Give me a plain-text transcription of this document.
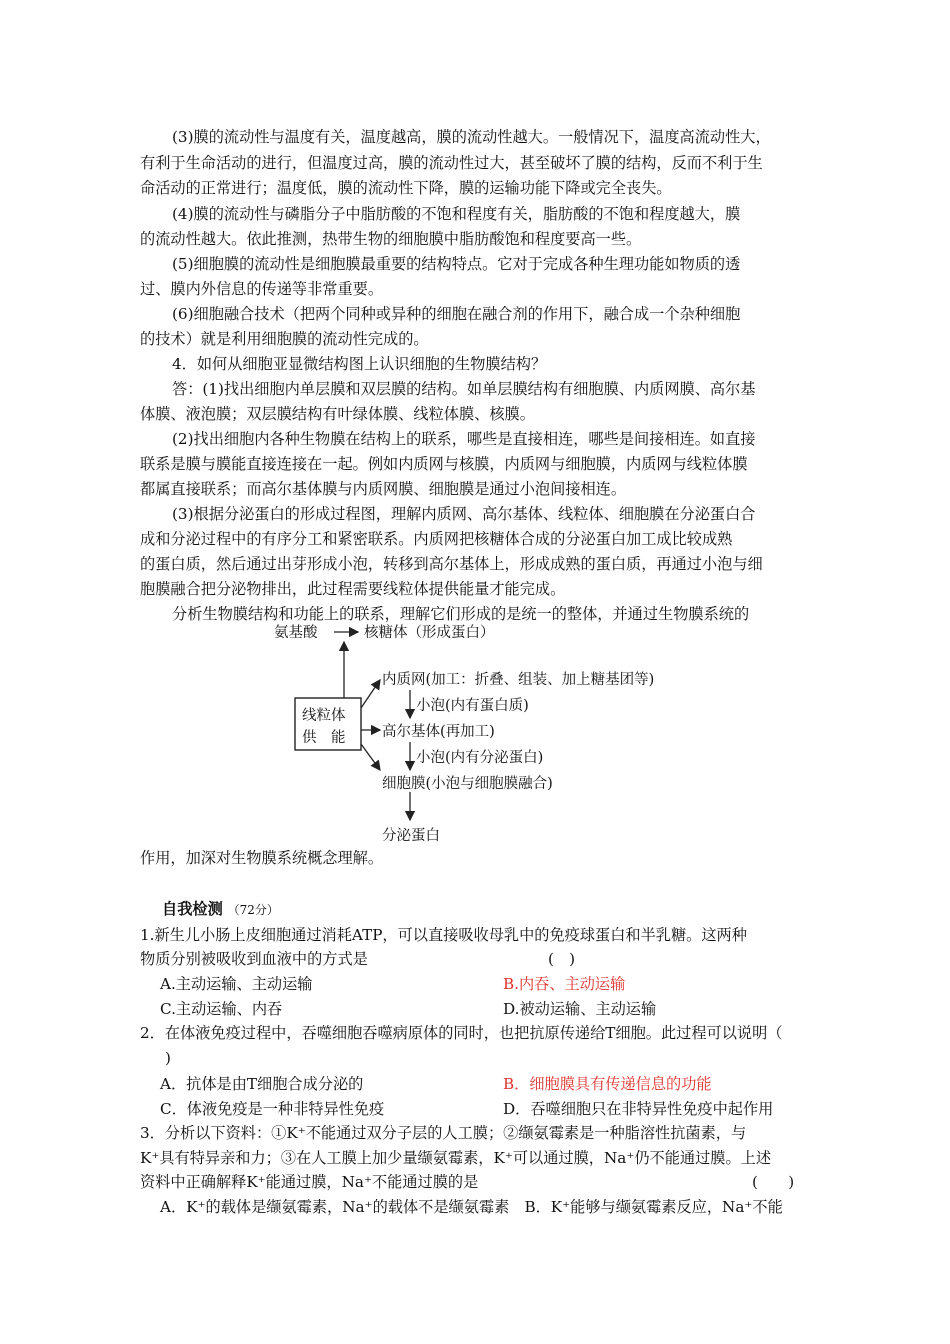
(3)膜的流动性与温度有关，温度越高，膜的流动性越大。一般情况下，温度高流动性大，
有利于生命活动的进行，但温度过高，膜的流动性过大，甚至破坏了膜的结构，反而不利于生
命活动的正常进行；温度低，膜的流动性下降，膜的运输功能下降或完全丧失。
(4)膜的流动性与磷脂分子中脂肪酸的不饱和程度有关，脂肪酸的不饱和程度越大，膜
的流动性越大。依此推测，热带生物的细胞膜中脂肪酸饱和程度要高一些。
(5)细胞膜的流动性是细胞膜最重要的结构特点。它对于完成各种生理功能如物质的透
过、膜内外信息的传递等非常重要。
(6)细胞融合技术（把两个同种或异种的细胞在融合剂的作用下，融合成一个杂种细胞
的技术）就是利用细胞膜的流动性完成的。
4．如何从细胞亚显微结构图上认识细胞的生物膜结构？
答：(1)找出细胞内单层膜和双层膜的结构。如单层膜结构有细胞膜、内质网膜、高尔基
体膜、液泡膜；双层膜结构有叶绿体膜、线粒体膜、核膜。
(2)找出细胞内各种生物膜在结构上的联系，哪些是直接相连，哪些是间接相连。如直接
联系是膜与膜能直接连接在一起。例如内质网与核膜，内质网与细胞膜，内质网与线粒体膜
都属直接联系；而高尔基体膜与内质网膜、细胞膜是通过小泡间接相连。
(3)根据分泌蛋白的形成过程图，理解内质网、高尔基体、线粒体、细胞膜在分泌蛋白合
成和分泌过程中的有序分工和紧密联系。内质网把核糖体合成的分泌蛋白加工成比较成熟
的蛋白质，然后通过出芽形成小泡，转移到高尔基体上，形成成熟的蛋白质，再通过小泡与细
胞膜融合把分泌物排出，此过程需要线粒体提供能量才能完成。
分析生物膜结构和功能上的联系，理解它们形成的是统一的整体，并通过生物膜系统的
氨基酸	核糖体（形成蛋白）
内质网(加工：折叠、组装、加上糖基团等)
小泡(内有蛋白质)
高尔基体(再加工)
小泡(内有分泌蛋白)
细胞膜(小泡与细胞膜融合)
分泌蛋白
线粒体
供　能
作用，加深对生物膜系统概念理解。
自我检测 （72分）
1.新生儿小肠上皮细胞通过消耗ATP，可以直接吸收母乳中的免疫球蛋白和半乳糖。这两种
物质分别被吸收到血液中的方式是	(　)
A.主动运输、主动运输	B.内吞、主动运输
C.主动运输、内吞	D.被动运输、主动运输
2．在体液免疫过程中，吞噬细胞吞噬病原体的同时，也把抗原传递给T细胞。此过程可以说明（
)
A．抗体是由T细胞合成分泌的	B．细胞膜具有传递信息的功能
C．体液免疫是一种非特异性免疫	D．吞噬细胞只在非特异性免疫中起作用
3．分析以下资料：①K⁺不能通过双分子层的人工膜；②缬氨霉素是一种脂溶性抗菌素，与
K⁺具有特异亲和力；③在人工膜上加少量缬氨霉素，K⁺可以通过膜，Na⁺仍不能通过膜。上述
资料中正确解释K⁺能通过膜，Na⁺不能通过膜的是	(　　)
A．K⁺的载体是缬氨霉素，Na⁺的载体不是缬氨霉素　B．K⁺能够与缬氨霉素反应，Na⁺不能
